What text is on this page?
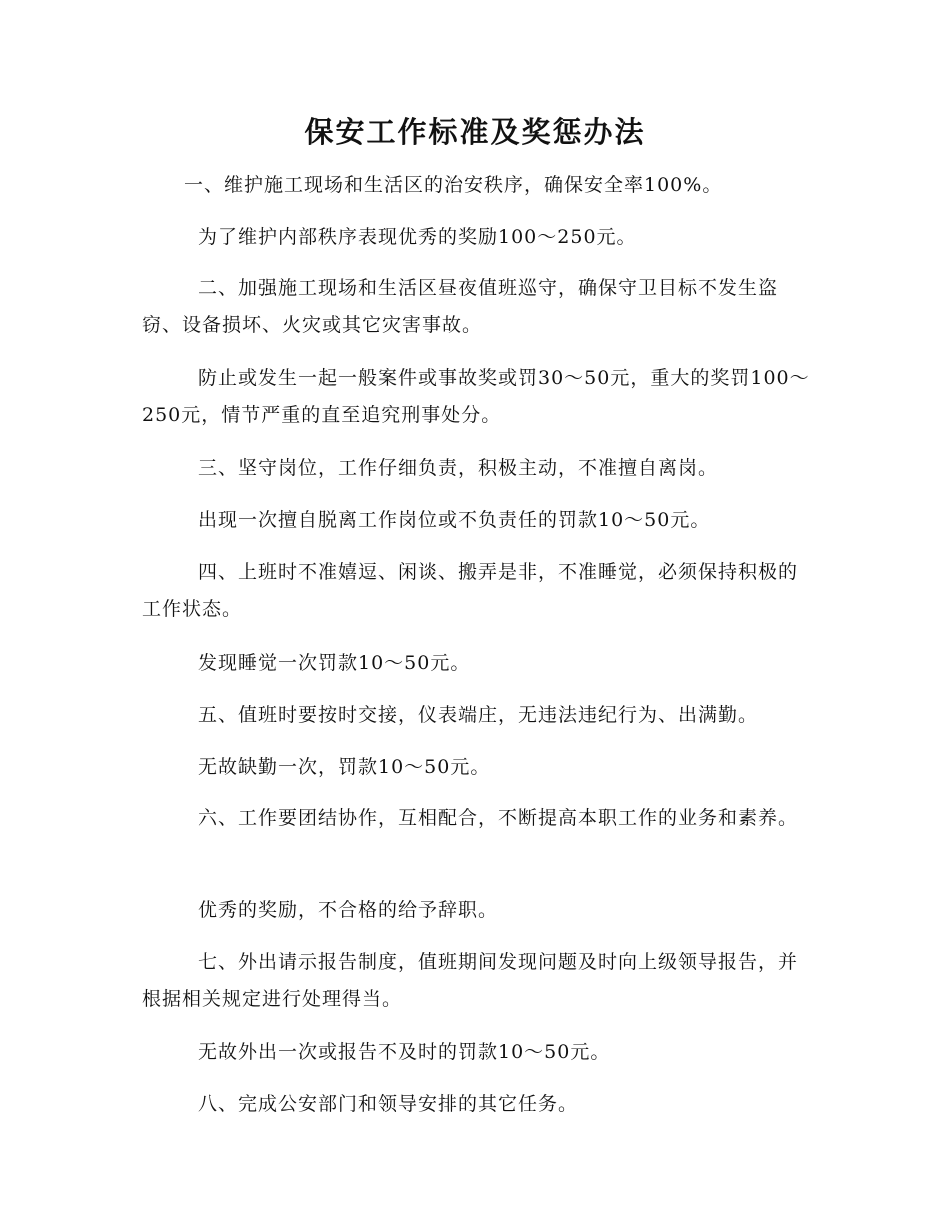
保安工作标准及奖惩办法

一、维护施工现场和生活区的治安秩序，确保安全率100%。

为了维护内部秩序表现优秀的奖励100～250元。

二、加强施工现场和生活区昼夜值班巡守，确保守卫目标不发生盗窃、设备损坏、火灾或其它灾害事故。

防止或发生一起一般案件或事故奖或罚30～50元，重大的奖罚100～250元，情节严重的直至追究刑事处分。

三、坚守岗位，工作仔细负责，积极主动，不准擅自离岗。

出现一次擅自脱离工作岗位或不负责任的罚款10～50元。

四、上班时不准嬉逗、闲谈、搬弄是非，不准睡觉，必须保持积极的工作状态。

发现睡觉一次罚款10～50元。

五、值班时要按时交接，仪表端庄，无违法违纪行为、出满勤。

无故缺勤一次，罚款10～50元。

六、工作要团结协作，互相配合，不断提高本职工作的业务和素养。

优秀的奖励，不合格的给予辞职。

七、外出请示报告制度，值班期间发现问题及时向上级领导报告，并根据相关规定进行处理得当。

无故外出一次或报告不及时的罚款10～50元。

八、完成公安部门和领导安排的其它任务。
